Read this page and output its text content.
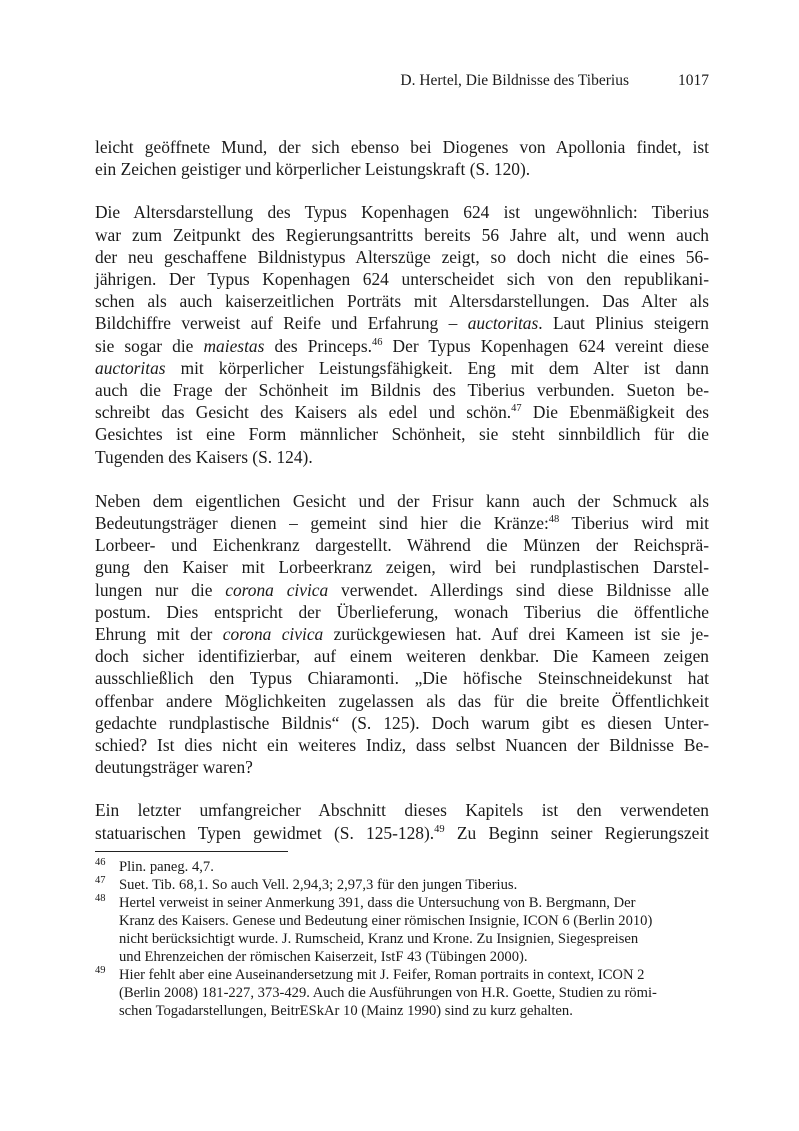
D. Hertel, Die Bildnisse des Tiberius	1017

leicht geöffnete Mund, der sich ebenso bei Diogenes von Apollonia findet, ist
ein Zeichen geistiger und körperlicher Leistungskraft (S. 120).

Die Altersdarstellung des Typus Kopenhagen 624 ist ungewöhnlich: Tiberius
war zum Zeitpunkt des Regierungsantritts bereits 56 Jahre alt, und wenn auch
der neu geschaffene Bildnistypus Alterszüge zeigt, so doch nicht die eines 56-
jährigen. Der Typus Kopenhagen 624 unterscheidet sich von den republikani-
schen als auch kaiserzeitlichen Porträts mit Altersdarstellungen. Das Alter als
Bildchiffre verweist auf Reife und Erfahrung – auctoritas. Laut Plinius steigern
sie sogar die maiestas des Princeps.$^{46}$ Der Typus Kopenhagen 624 vereint diese
auctoritas mit körperlicher Leistungsfähigkeit. Eng mit dem Alter ist dann
auch die Frage der Schönheit im Bildnis des Tiberius verbunden. Sueton be-
schreibt das Gesicht des Kaisers als edel und schön.$^{47}$ Die Ebenmäßigkeit des
Gesichtes ist eine Form männlicher Schönheit, sie steht sinnbildlich für die
Tugenden des Kaisers (S. 124).

Neben dem eigentlichen Gesicht und der Frisur kann auch der Schmuck als
Bedeutungsträger dienen – gemeint sind hier die Kränze:$^{48}$ Tiberius wird mit
Lorbeer- und Eichenkranz dargestellt. Während die Münzen der Reichsprä-
gung den Kaiser mit Lorbeerkranz zeigen, wird bei rundplastischen Darstel-
lungen nur die corona civica verwendet. Allerdings sind diese Bildnisse alle
postum. Dies entspricht der Überlieferung, wonach Tiberius die öffentliche
Ehrung mit der corona civica zurückgewiesen hat. Auf drei Kameen ist sie je-
doch sicher identifizierbar, auf einem weiteren denkbar. Die Kameen zeigen
ausschließlich den Typus Chiaramonti. „Die höfische Steinschneidekunst hat
offenbar andere Möglichkeiten zugelassen als das für die breite Öffentlichkeit
gedachte rundplastische Bildnis“ (S. 125). Doch warum gibt es diesen Unter-
schied? Ist dies nicht ein weiteres Indiz, dass selbst Nuancen der Bildnisse Be-
deutungsträger waren?

Ein letzter umfangreicher Abschnitt dieses Kapitels ist den verwendeten
statuarischen Typen gewidmet (S. 125-128).$^{49}$ Zu Beginn seiner Regierungszeit

46 Plin. paneg. 4,7.
47 Suet. Tib. 68,1. So auch Vell. 2,94,3; 2,97,3 für den jungen Tiberius.
48 Hertel verweist in seiner Anmerkung 391, dass die Untersuchung von B. Bergmann, Der
Kranz des Kaisers. Genese und Bedeutung einer römischen Insignie, ICON 6 (Berlin 2010)
nicht berücksichtigt wurde. J. Rumscheid, Kranz und Krone. Zu Insignien, Siegespreisen
und Ehrenzeichen der römischen Kaiserzeit, IstF 43 (Tübingen 2000).
49 Hier fehlt aber eine Auseinandersetzung mit J. Feifer, Roman portraits in context, ICON 2
(Berlin 2008) 181-227, 373-429. Auch die Ausführungen von H.R. Goette, Studien zu römi-
schen Togadarstellungen, BeitrESkAr 10 (Mainz 1990) sind zu kurz gehalten.
